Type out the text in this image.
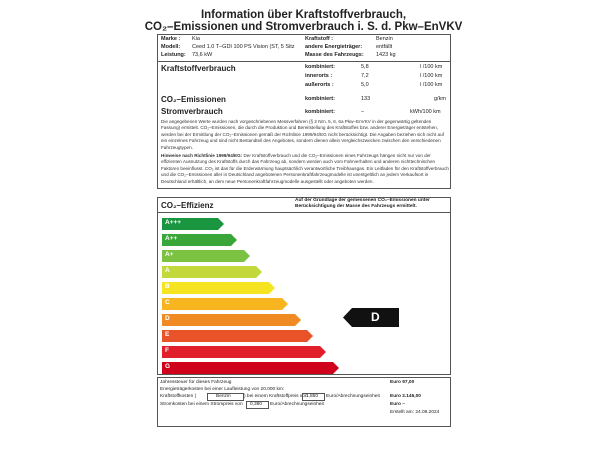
Information über Kraftstoffverbrauch,
CO₂–Emissionen und Stromverbrauch i. S. d. Pkw–EnVKV
Marke : Kia
Modell: Ceed 1.0 T–GDI 100 PS Vision (ST, 5 Sitz
Leistung: 73,6 kW
Kraftstoff :	Benzin
andere Energieträger:	entfällt
Masse des Fahrzeugs: 1423 kg
Kraftstoffverbrauch	kombiniert:	5,8	l /100 km
innerorts :	7,2	l /100 km
außerorts :	5,0	l /100 km
CO₂–Emissionen	kombiniert:	133	g/km
Stromverbrauch	kombiniert:	–	kWh/100 km
Die angegebenen Werte wurden nach vorgeschriebenen Messverfahren (§ 2 Nrn. 5, 6, 6a Pkw–EnVKV in der gegenwärtig geltenden Fassung) ermittelt. CO₂–Emissionen, die durch die Produktion und Bereitstellung des Kraftstoffes bzw. anderer Energieträger entstehen, werden bei der Ermittlung der CO₂–Emissionen gemäß der Richtlinie 1999/94/EG nicht berücksichtigt. Die Angaben beziehen sich nicht auf ein einzelnes Fahrzeug und sind nicht Bestandteil des Angebotes, sondern dienen allein Vergleichszwecken zwischen den verschiedenen Fahrzeugtypen.
Hinweise nach Richtlinie 1999/94/EG: Der Kraftstoffverbrauch und die CO₂–Emissionen eines Fahrzeugs hängen nicht nur von der effizienten Ausnutzung des Kraftstoffs durch das Fahrzeug ab, sondern werden auch vom Fahrverhalten und anderen nichttechnischen Faktoren beeinflusst. CO₂ ist das für die Erderwärmung hauptsächlich verantwortliche Treibhausgas. Ein Leitfaden für den Kraftstoffverbrauch und die CO₂–Emissionen aller in Deutschland angebotenen Personenkraftfahrzeugmodelle ist unentgeltlich an jedem Verkaufsort in Deutschland erhältlich, an dem neue Personenkraftfahrzeugmodelle ausgestellt oder angeboten werden.
CO₂–Effizienz
Auf der Grundlage der gemessenen CO₂–Emissionen unter Berücksichtigung der Masse des Fahrzeugs ermittelt.
A+++
A++
A+
A
B
C
D
E
F
G
D
Jahressteuer für dieses Fahrzeug	Euro 97,00
Energieträgerkosten bei einer Laufleistung von 20.000 km:
Kraftstoffkosten (	Benzin	) bei einem Kraftstoffpreis von
1,850 Euro/Abrechnungseinheit Euro 2.146,00
Stromkosten bei einem Strompreis von 0,380 Euro/Abrechnungseinheit	Euro –
Erstellt am: 24.09.2024
